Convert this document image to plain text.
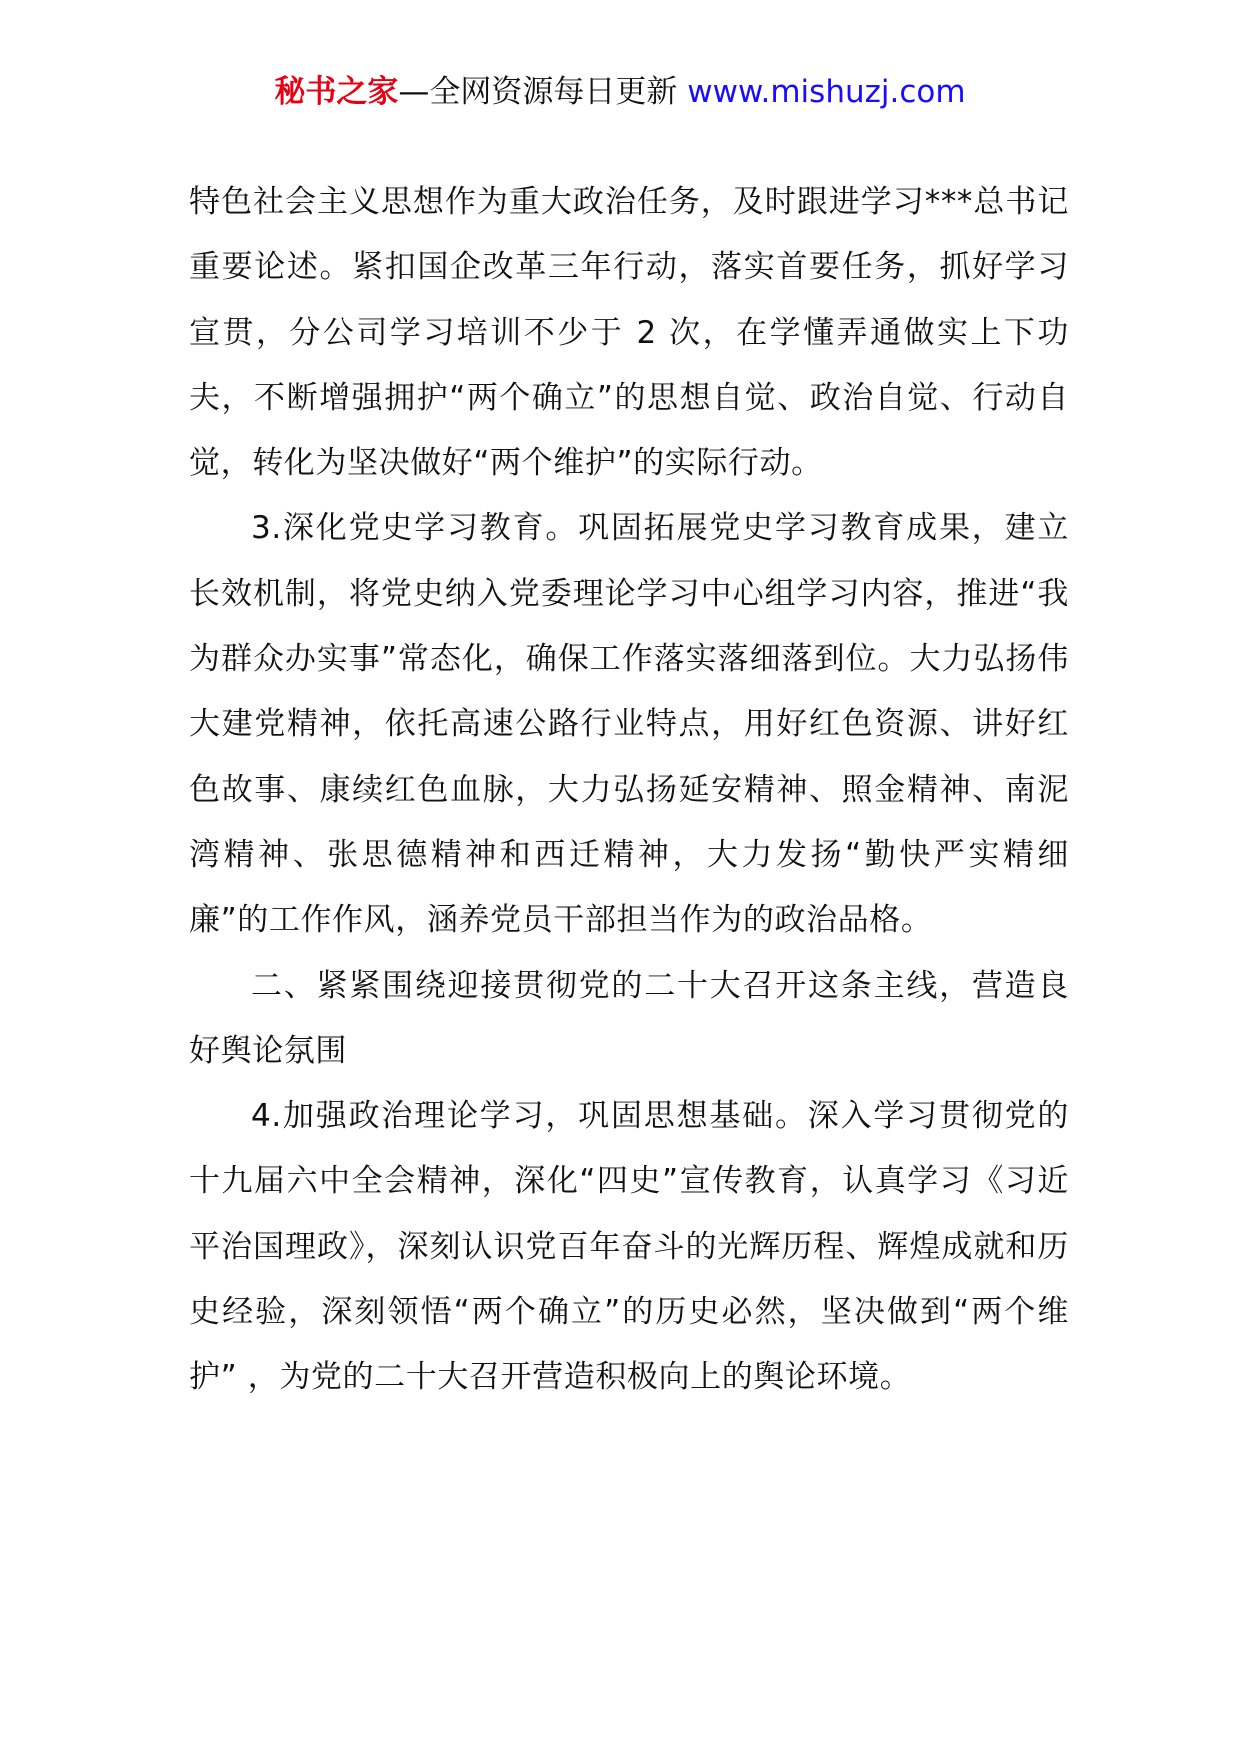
秘书之家—全网资源每日更新 www.mishuzj.com

特色社会主义思想作为重大政治任务，及时跟进学习***总书记重要论述。紧扣国企改革三年行动，落实首要任务，抓好学习宣贯，分公司学习培训不少于 2 次，在学懂弄通做实上下功夫，不断增强拥护“两个确立”的思想自觉、政治自觉、行动自觉，转化为坚决做好“两个维护”的实际行动。

3.深化党史学习教育。巩固拓展党史学习教育成果，建立长效机制，将党史纳入党委理论学习中心组学习内容，推进“我为群众办实事”常态化，确保工作落实落细落到位。大力弘扬伟大建党精神，依托高速公路行业特点，用好红色资源、讲好红色故事、康续红色血脉，大力弘扬延安精神、照金精神、南泥湾精神、张思德精神和西迁精神，大力发扬“勤快严实精细廉”的工作作风，涵养党员干部担当作为的政治品格。

二、紧紧围绕迎接贯彻党的二十大召开这条主线，营造良好舆论氛围

4.加强政治理论学习，巩固思想基础。深入学习贯彻党的十九届六中全会精神，深化“四史”宣传教育，认真学习《习近平治国理政》，深刻认识党百年奋斗的光辉历程、辉煌成就和历史经验，深刻领悟“两个确立”的历史必然，坚决做到“两个维护” ，为党的二十大召开营造积极向上的舆论环境。
